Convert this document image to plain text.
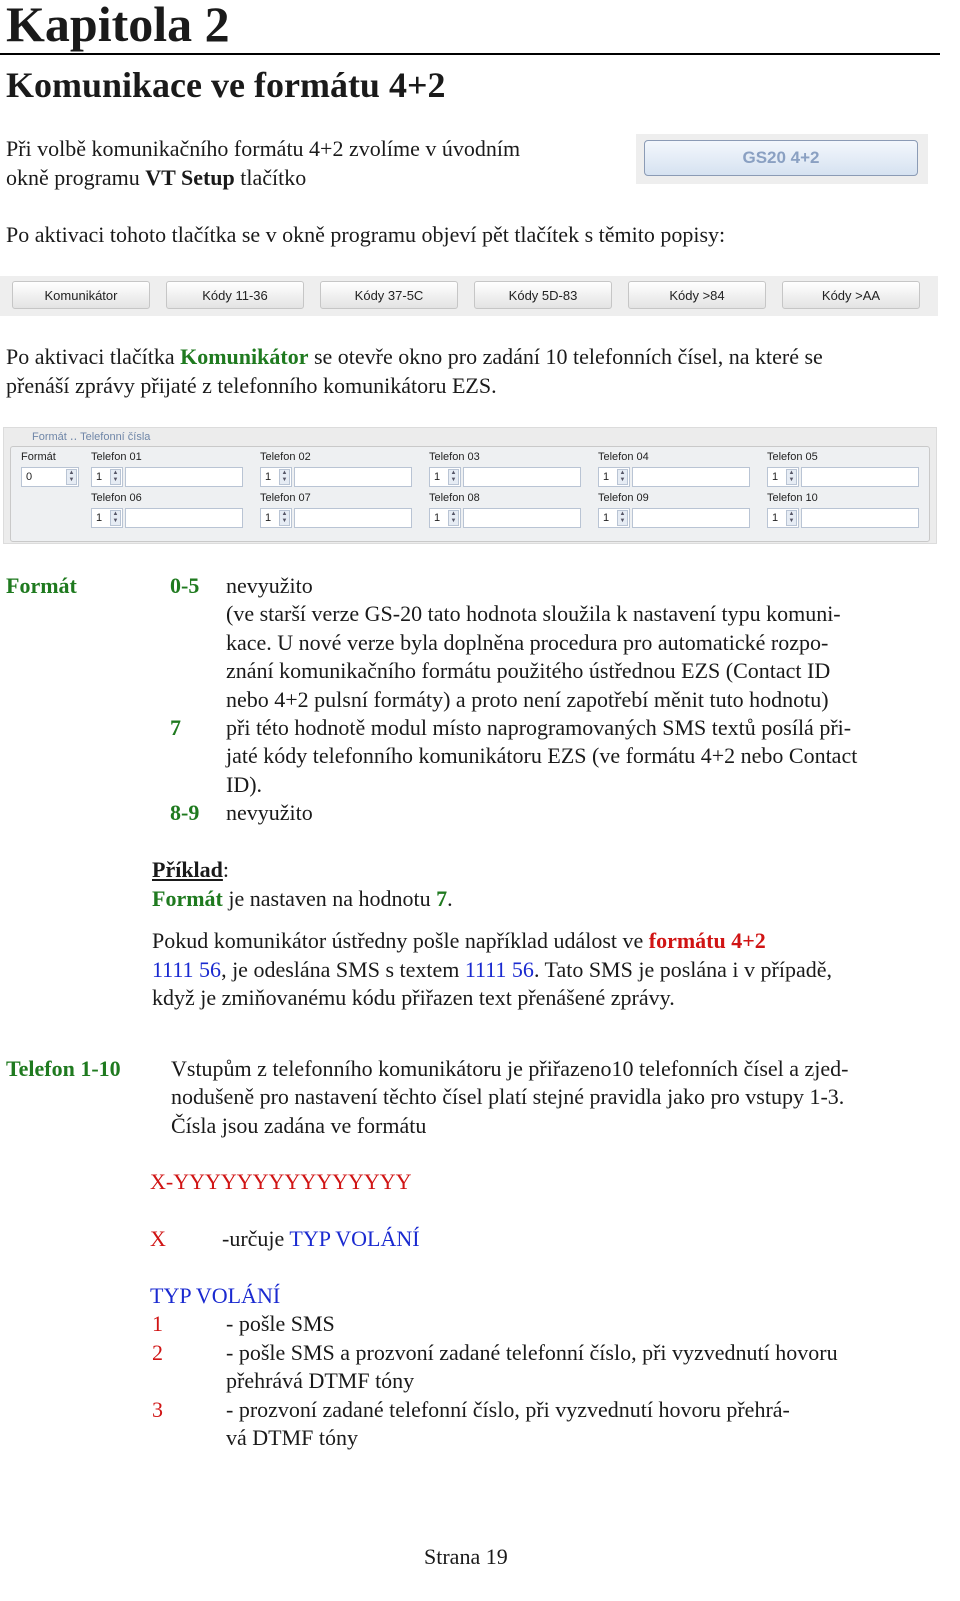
Kapitola 2
Komunikace ve formátu 4+2
Při volbě komunikačního formátu 4+2 zvolíme v úvodním
okně programu VT Setup tlačítko
GS20 4+2
Po aktivaci tohoto tlačítka se v okně programu objeví pět tlačítek s těmito popisy:
Komunikátor	Kódy 11-36	Kódy 37-5C	Kódy 5D-83	Kódy >84	Kódy >AA
Po aktivaci tlačítka Komunikátor se otevře okno pro zadání 10 telefonních čísel, na které se
přenáší zprávy přijaté z telefonního komunikátoru EZS.
Formát ‥ Telefonní čísla
Formát
0	▲
▼
Telefon 01
1	▲
▼
Telefon 02
1	▲
▼
Telefon 03
1	▲
▼
Telefon 04
1	▲
▼
Telefon 05
1	▲
▼
Telefon 06
1	▲
▼
Telefon 07
1	▲
▼
Telefon 08
1	▲
▼
Telefon 09
1	▲
▼
Telefon 10
1	▲
▼
Formát	0-5 nevyužito
(ve starší verze GS-20 tato hodnota sloužila k nastavení typu komuni-
kace. U nové verze byla doplněna procedura pro automatické rozpo-
znání komunikačního formátu použitého ústřednou EZS (Contact ID
nebo 4+2 pulsní formáty) a proto není zapotřebí měnit tuto hodnotu)
7 při této hodnotě modul místo naprogramovaných SMS textů posílá při-
jaté kódy telefonního komunikátoru EZS (ve formátu 4+2 nebo Contact
ID).
8-9 nevyužito
Příklad:
Formát je nastaven na hodnotu 7.
Pokud komunikátor ústředny pošle například událost ve formátu 4+2
1111 56, je odeslána SMS s textem 1111 56. Tato SMS je poslána i v případě,
když je zmiňovanému kódu přiřazen text přenášené zprávy.
Telefon 1-10 Vstupům z telefonního komunikátoru je přiřazeno10 telefonních čísel a zjed-
nodušeně pro nastavení těchto čísel platí stejné pravidla jako pro vstupy 1-3.
Čísla jsou zadána ve formátu
X-YYYYYYYYYYYYYYY
X	-určuje TYP VOLÁNÍ
TYP VOLÁNÍ
1	- pošle SMS
2	- pošle SMS a prozvoní zadané telefonní číslo, při vyzvednutí hovoru
přehrává DTMF tóny
3	- prozvoní zadané telefonní číslo, při vyzvednutí hovoru přehrá-
vá DTMF tóny
Strana 19
